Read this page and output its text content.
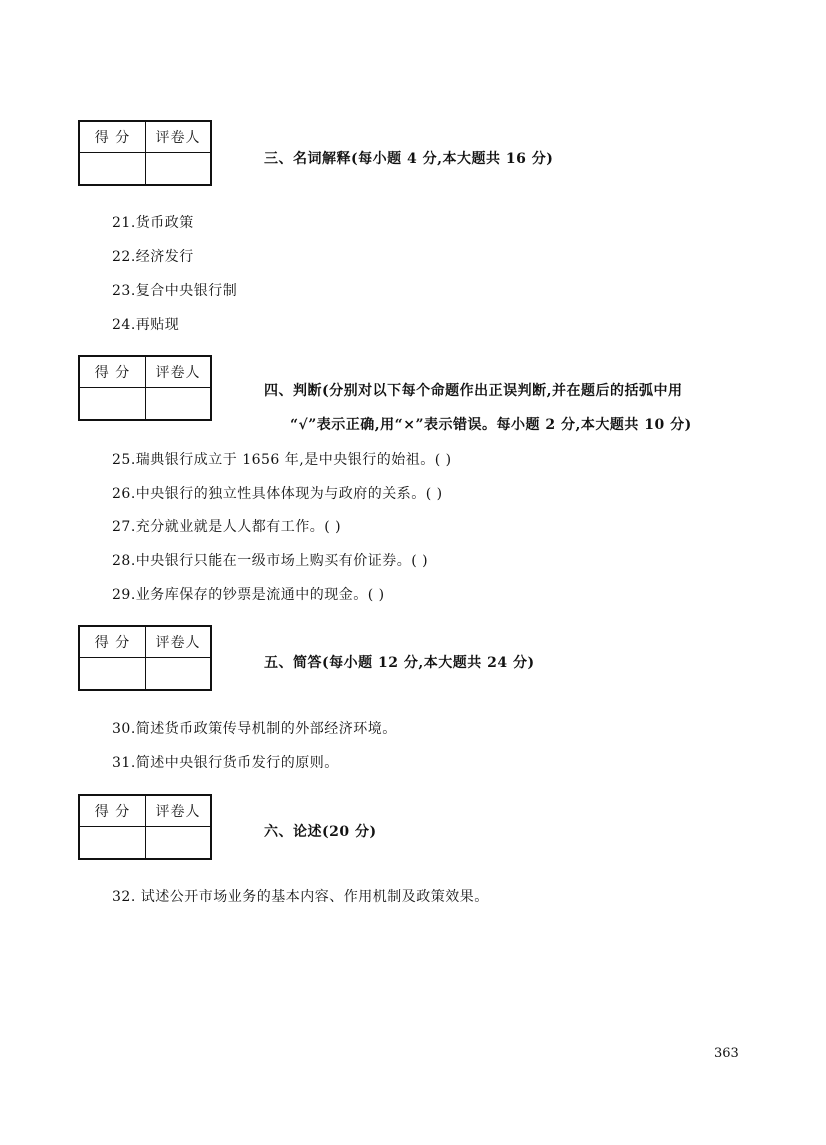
得 分	评卷人
三、名词解释(每小题 4 分,本大题共 16 分)
21.货币政策
22.经济发行
23.复合中央银行制
24.再贴现
得 分	评卷人
四、判断(分别对以下每个命题作出正误判断,并在题后的括弧中用
“√”表示正确,用“×”表示错误。每小题 2 分,本大题共 10 分)
25.瑞典银行成立于 1656 年,是中央银行的始祖。( )
26.中央银行的独立性具体体现为与政府的关系。( )
27.充分就业就是人人都有工作。( )
28.中央银行只能在一级市场上购买有价证券。( )
29.业务库保存的钞票是流通中的现金。( )
得 分	评卷人
五、简答(每小题 12 分,本大题共 24 分)
30.简述货币政策传导机制的外部经济环境。
31.简述中央银行货币发行的原则。
得 分	评卷人
六、论述(20 分)
32. 试述公开市场业务的基本内容、作用机制及政策效果。
363
